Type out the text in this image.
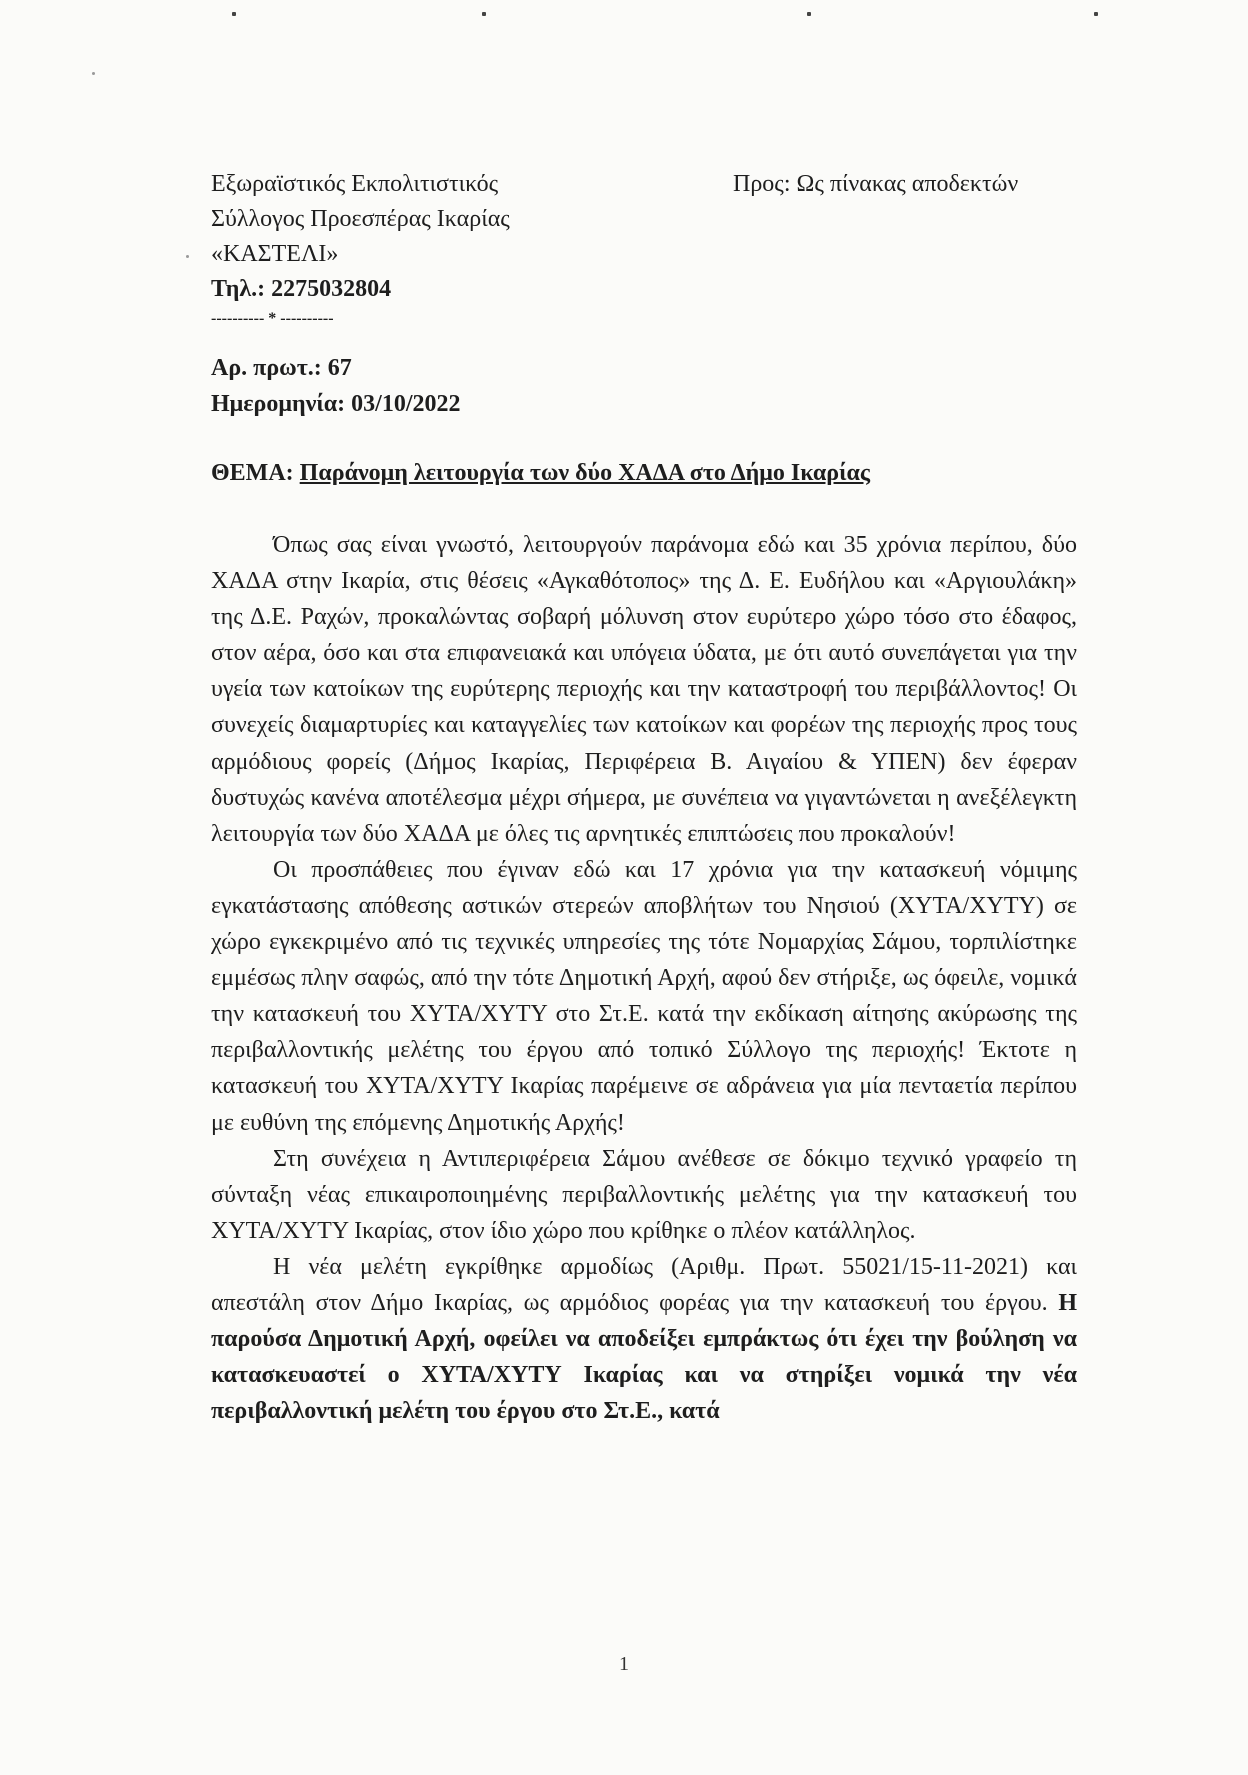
Εξωραϊστικός Εκπολιτιστικός
Σύλλογος Προεσπέρας Ικαρίας
«ΚΑΣΤΕΛΙ»
Τηλ.: 2275032804
---------- * ----------
Προς: Ως πίνακας αποδεκτών
Αρ. πρωτ.: 67
Ημερομηνία: 03/10/2022
ΘΕΜΑ: Παράνομη λειτουργία των δύο ΧΑΔΑ στο Δήμο Ικαρίας

Όπως σας είναι γνωστό, λειτουργούν παράνομα εδώ και 35 χρόνια περίπου, δύο ΧΑΔΑ στην Ικαρία, στις θέσεις «Αγκαθότοπος» της Δ. Ε. Ευδήλου και «Αργιουλάκη» της Δ.Ε. Ραχών, προκαλώντας σοβαρή μόλυνση στον ευρύτερο χώρο τόσο στο έδαφος, στον αέρα, όσο και στα επιφανειακά και υπόγεια ύδατα, με ότι αυτό συνεπάγεται για την υγεία των κατοίκων της ευρύτερης περιοχής και την καταστροφή του περιβάλλοντος! Οι συνεχείς διαμαρτυρίες και καταγγελίες των κατοίκων και φορέων της περιοχής προς τους αρμόδιους φορείς (Δήμος Ικαρίας, Περιφέρεια Β. Αιγαίου & ΥΠΕΝ) δεν έφεραν δυστυχώς κανένα αποτέλεσμα μέχρι σήμερα, με συνέπεια να γιγαντώνεται η ανεξέλεγκτη λειτουργία των δύο ΧΑΔΑ με όλες τις αρνητικές επιπτώσεις που προκαλούν!

Οι προσπάθειες που έγιναν εδώ και 17 χρόνια για την κατασκευή νόμιμης εγκατάστασης απόθεσης αστικών στερεών αποβλήτων του Νησιού (ΧΥΤΑ/ΧΥΤΥ) σε χώρο εγκεκριμένο από τις τεχνικές υπηρεσίες της τότε Νομαρχίας Σάμου, τορπιλίστηκε εμμέσως πλην σαφώς, από την τότε Δημοτική Αρχή, αφού δεν στήριξε, ως όφειλε, νομικά την κατασκευή του ΧΥΤΑ/ΧΥΤΥ στο Στ.Ε. κατά την εκδίκαση αίτησης ακύρωσης της περιβαλλοντικής μελέτης του έργου από τοπικό Σύλλογο της περιοχής! Έκτοτε η κατασκευή του ΧΥΤΑ/ΧΥΤΥ Ικαρίας παρέμεινε σε αδράνεια για μία πενταετία περίπου με ευθύνη της επόμενης Δημοτικής Αρχής!

Στη συνέχεια η Αντιπεριφέρεια Σάμου ανέθεσε σε δόκιμο τεχνικό γραφείο τη σύνταξη νέας επικαιροποιημένης περιβαλλοντικής μελέτης για την κατασκευή του ΧΥΤΑ/ΧΥΤΥ Ικαρίας, στον ίδιο χώρο που κρίθηκε ο πλέον κατάλληλος.

Η νέα μελέτη εγκρίθηκε αρμοδίως (Αριθμ. Πρωτ. 55021/15-11-2021) και απεστάλη στον Δήμο Ικαρίας, ως αρμόδιος φορέας για την κατασκευή του έργου. Η παρούσα Δημοτική Αρχή, οφείλει να αποδείξει εμπράκτως ότι έχει την βούληση να κατασκευαστεί ο ΧΥΤΑ/ΧΥΤΥ Ικαρίας και να στηρίξει νομικά την νέα περιβαλλοντική μελέτη του έργου στο Στ.Ε., κατά

1
